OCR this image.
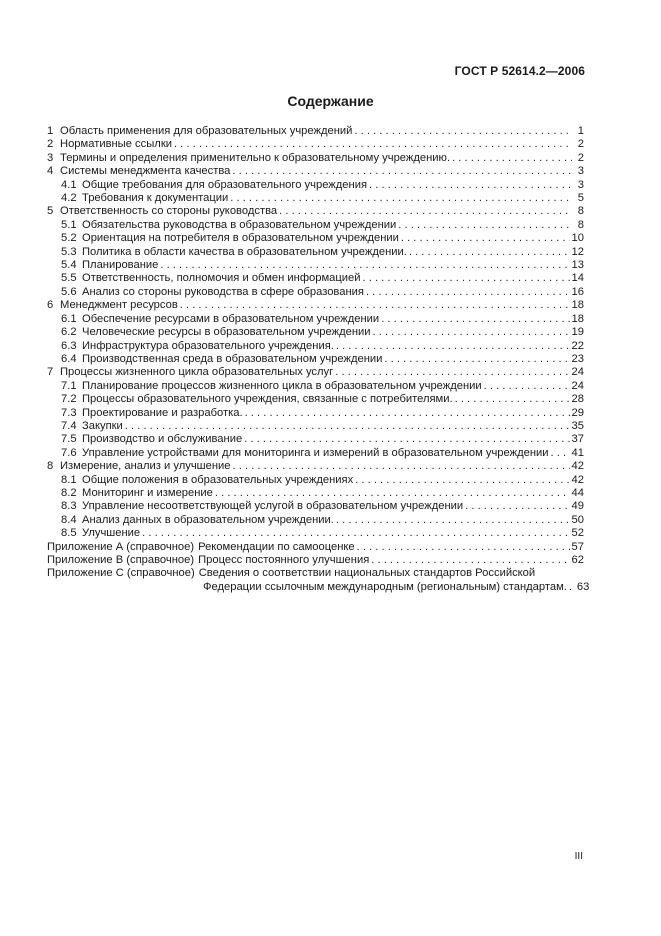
ГОСТ Р 52614.2—2006
Содержание
1 Область применения для образовательных учреждений . . .	1
2 Нормативные ссылки . . .	2
3 Термины и определения применительно к образовательному учреждению. . . .	2
4 Системы менеджмента качества . . .	3
4.1 Общие требования для образовательного учреждения . . .	3
4.2 Требования к документации . . .	5
5 Ответственность со стороны руководства . . .	8
5.1 Обязательства руководства в образовательном учреждении . . .	8
5.2 Ориентация на потребителя в образовательном учреждении . . .	10
5.3 Политика в области качества в образовательном учреждении. . . .	12
5.4 Планирование . . .	13
5.5 Ответственность, полномочия и обмен информацией . . .	14
5.6 Анализ со стороны руководства в сфере образования . . .	16
6 Менеджмент ресурсов . . .	18
6.1 Обеспечение ресурсами в образовательном учреждении . . .	18
6.2 Человеческие ресурсы в образовательном учреждении . . .	19
6.3 Инфраструктура образовательного учреждения. . . .	22
6.4 Производственная среда в образовательном учреждении . . .	23
7 Процессы жизненного цикла образовательных услуг . . .	24
7.1 Планирование процессов жизненного цикла в образовательном учреждении . . .	24
7.2 Процессы образовательного учреждения, связанные с потребителями. . . .	28
7.3 Проектирование и разработка. . . .	29
7.4 Закупки . . .	35
7.5 Производство и обслуживание . . .	37
7.6 Управление устройствами для мониторинга и измерений в образовательном учреждении . . . 41
8 Измерение, анализ и улучшение . . .	42
8.1 Общие положения в образовательных учреждениях . . .	42
8.2 Мониторинг и измерение . . .	44
8.3 Управление несоответствующей услугой в образовательном учреждении . . .	49
8.4 Анализ данных в образовательном учреждении. . . .	50
8.5 Улучшение . . .	52
Приложение А (справочное) Рекомендации по самооценке . . .	57
Приложение В (справочное) Процесс постоянного улучшения . . .	62
Приложение С (справочное) Сведения о соответствии национальных стандартов Российской
Федерации ссылочным международным (региональным) стандартам. . . . 63
III
